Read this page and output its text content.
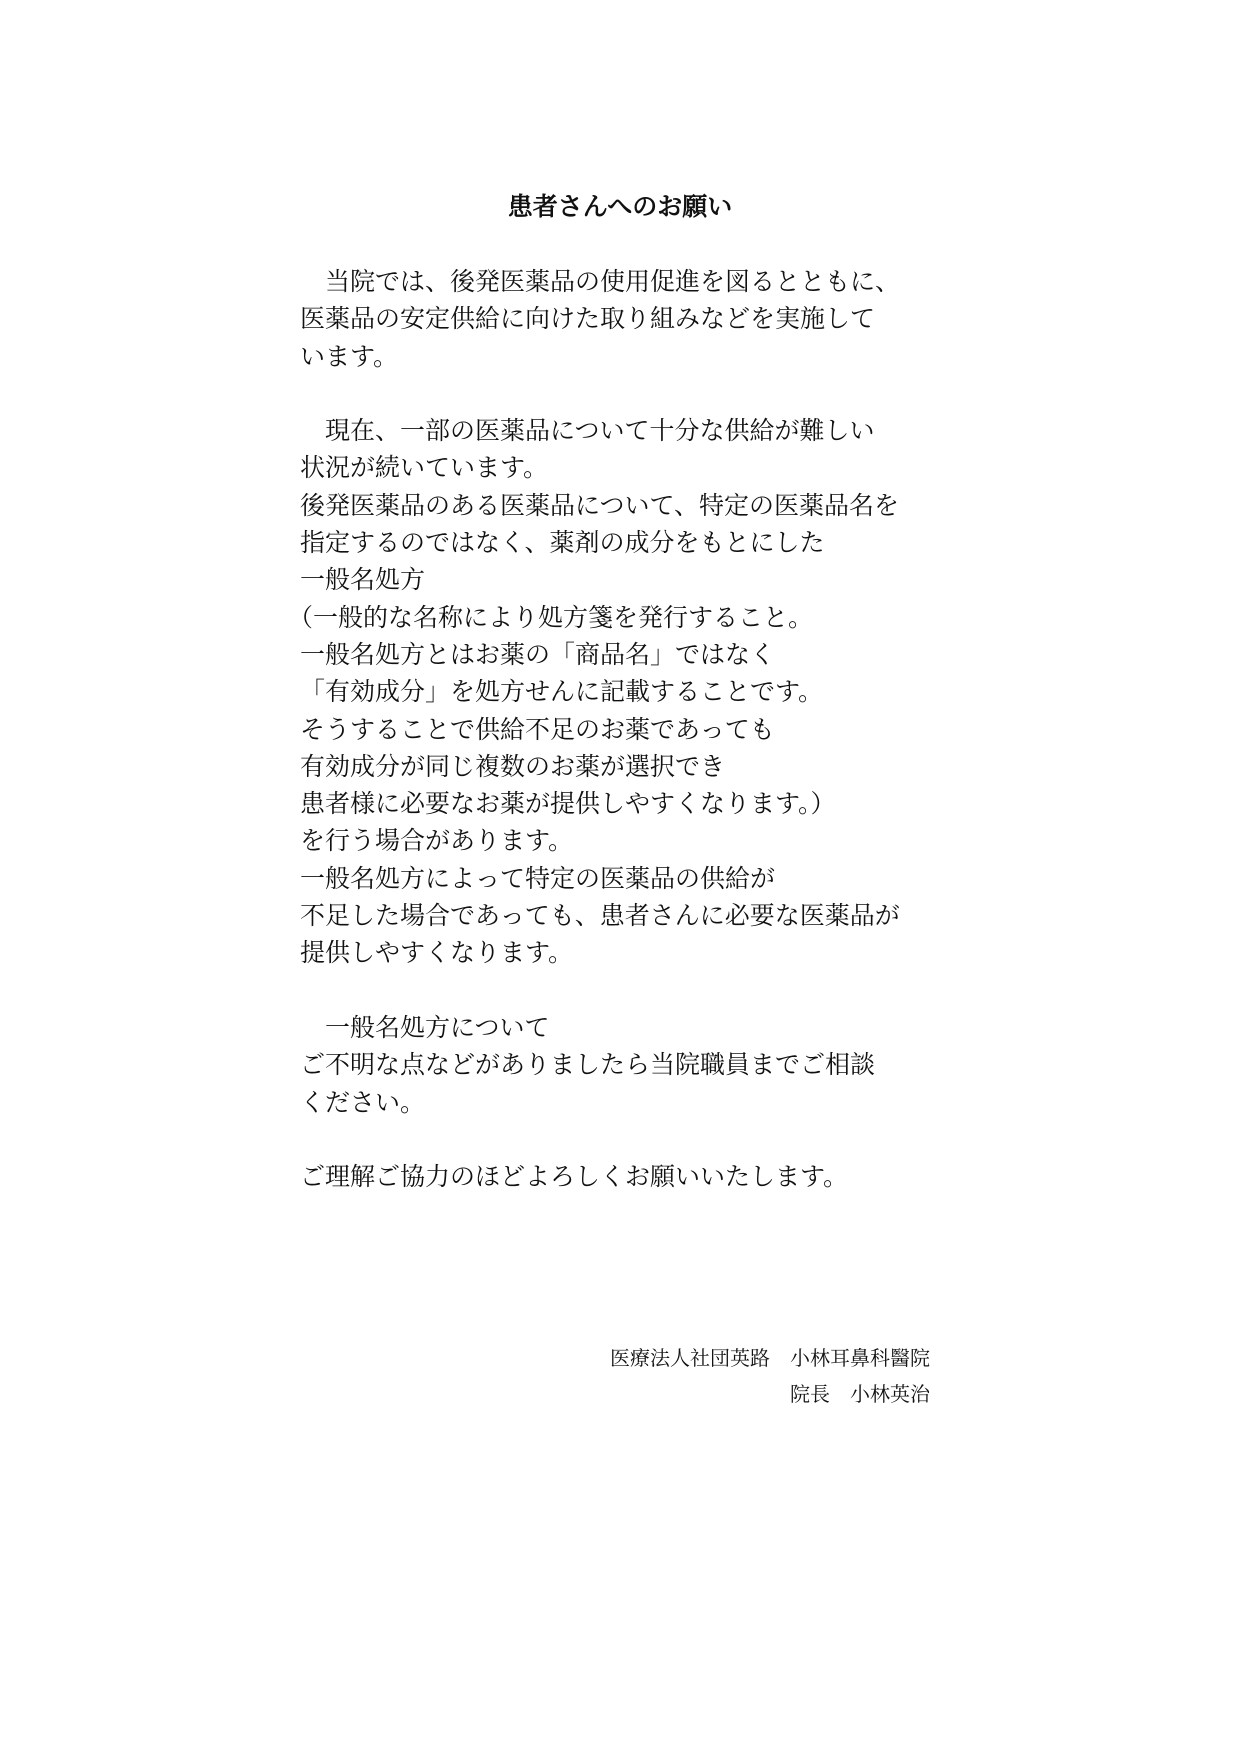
患者さんへのお願い
　当院では、後発医薬品の使用促進を図るとともに、
医薬品の安定供給に向けた取り組みなどを実施して
います。
　現在、一部の医薬品について十分な供給が難しい
状況が続いています。
後発医薬品のある医薬品について、特定の医薬品名を
指定するのではなく、薬剤の成分をもとにした
一般名処方
（一般的な名称により処方箋を発行すること。
一般名処方とはお薬の「商品名」ではなく
「有効成分」を処方せんに記載することです。
そうすることで供給不足のお薬であっても
有効成分が同じ複数のお薬が選択でき
患者様に必要なお薬が提供しやすくなります。）
を行う場合があります。
一般名処方によって特定の医薬品の供給が
不足した場合であっても、患者さんに必要な医薬品が
提供しやすくなります。
　一般名処方について
ご不明な点などがありましたら当院職員までご相談
ください。
ご理解ご協力のほどよろしくお願いいたします。
医療法人社団英路　小林耳鼻科醫院
院長　小林英治
